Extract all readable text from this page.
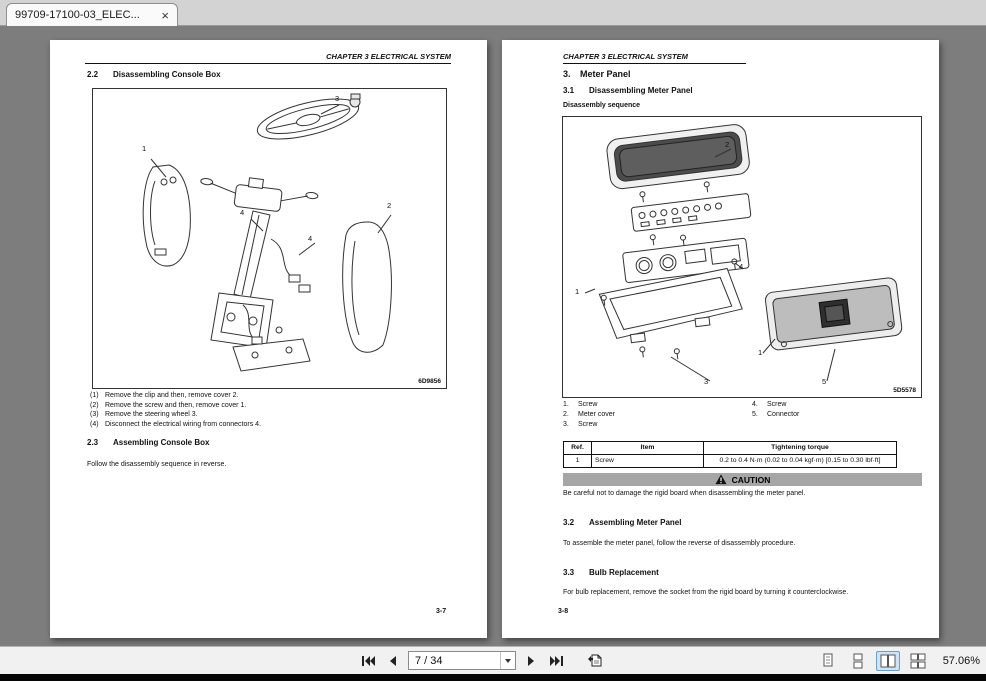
99709-17100-03_ELEC...	×
CHAPTER 3 ELECTRICAL SYSTEM
2.2	Disassembling Console Box
1
3
2
4
4
6D9856
(1) Remove the clip and then, remove cover 2.
(2) Remove the screw and then, remove cover 1.
(3) Remove the steering wheel 3.
(4) Disconnect the electrical wiring from connectors 4.
2.3	Assembling Console Box
Follow the disassembly sequence in reverse.
3-7
CHAPTER 3 ELECTRICAL SYSTEM
3.	Meter Panel
3.1	Disassembling Meter Panel
Disassembly sequence
2
4
1
1
3	5
5D5578
1.	Screw
2.	Meter cover
3.	Screw
4.	Screw
5.	Connector
Ref.	Item	Tightening torque
1	Screw	0.2 to 0.4 N·m (0.02 to 0.04 kgf·m) [0.15 to 0.30 lbf·ft]
CAUTION
Be careful not to damage the rigid board when disassembling the meter panel.
3.2	Assembling Meter Panel
To assemble the meter panel, follow the reverse of disassembly procedure.
3.3	Bulb Replacement
For bulb replacement, remove the socket from the rigid board by turning it counterclockwise.
3-8
7 / 34	57.06%
